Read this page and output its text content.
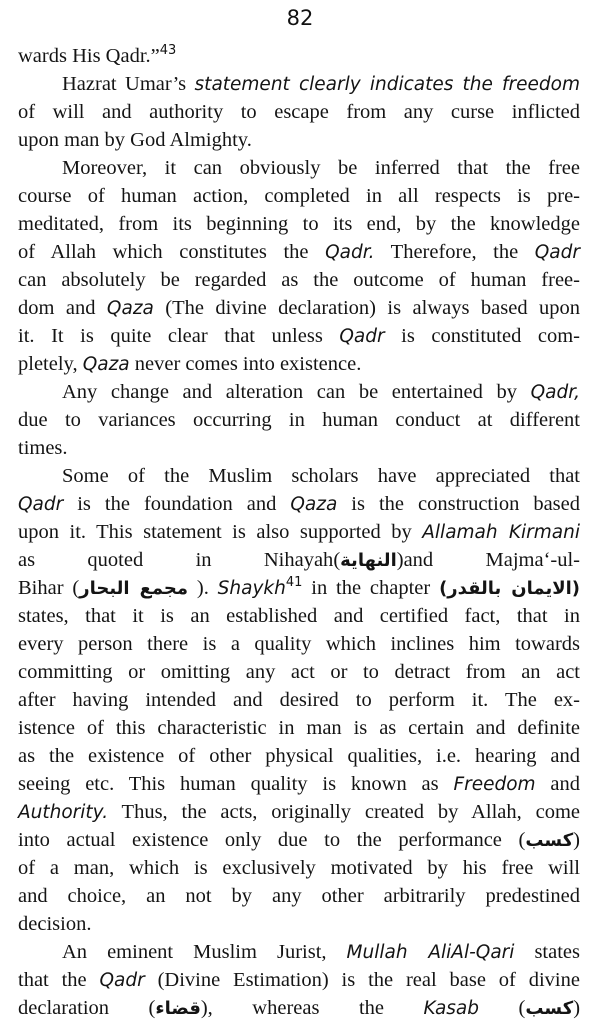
82
wards His Qadr.”$^{43}$
Hazrat Umar’s statement clearly indicates the freedom
of will and authority to escape from any curse inflicted
upon man by God Almighty.
Moreover, it can obviously be inferred that the free
course of human action, completed in all respects is pre-
meditated, from its beginning to its end, by the knowledge
of Allah which constitutes the Qadr. Therefore, the Qadr
can absolutely be regarded as the outcome of human free-
dom and Qaza (The divine declaration) is always based upon
it. It is quite clear that unless Qadr is constituted com-
pletely, Qaza never comes into existence.
Any change and alteration can be entertained by Qadr,
due to variances occurring in human conduct at different
times.
Some of the Muslim scholars have appreciated that
Qadr is the foundation and Qaza is the construction based
upon it. This statement is also supported by Allamah Kirmani
as quoted in Nihayah(النهاية)and Majma‘-ul-
Bihar (مجمع البحار ). Shaykh$^{41}$ in the chapter (الايمان بالقدر)
states, that it is an established and certified fact, that in
every person there is a quality which inclines him towards
committing or omitting any act or to detract from an act
after having intended and desired to perform it. The ex-
istence of this characteristic in man is as certain and definite
as the existence of other physical qualities, i.e. hearing and
seeing etc. This human quality is known as Freedom and
Authority. Thus, the acts, originally created by Allah, come
into actual existence only due to the performance (كسب)
of a man, which is exclusively motivated by his free will
and choice, an not by any other arbitrarily predestined
decision.
An eminent Muslim Jurist, Mullah AliAl-Qari states
that the Qadr (Divine Estimation) is the real base of divine
declaration (قضاء), whereas the Kasab (كسب)
